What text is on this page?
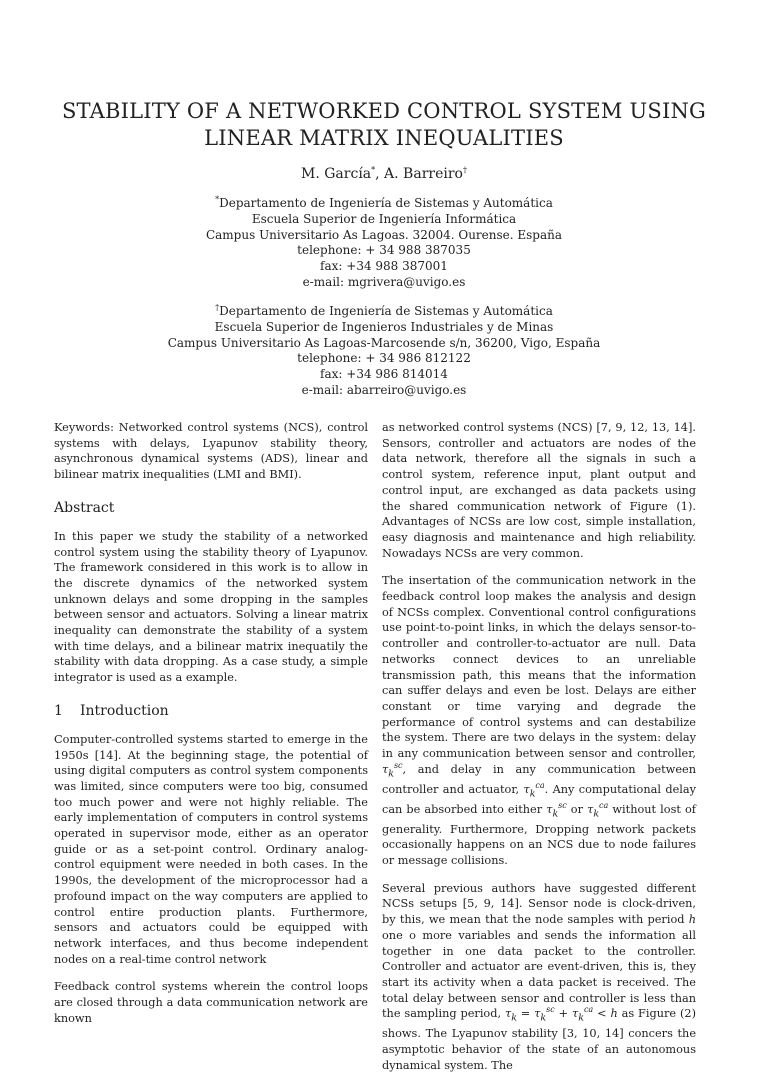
STABILITY OF A NETWORKED CONTROL SYSTEM USING
LINEAR MATRIX INEQUALITIES
M. García*, A. Barreiro†
*Departamento de Ingeniería de Sistemas y Automática
Escuela Superior de Ingeniería Informática
Campus Universitario As Lagoas. 32004. Ourense. España
telephone: + 34 988 387035
fax: +34 988 387001
e-mail: mgrivera@uvigo.es
†Departamento de Ingeniería de Sistemas y Automática
Escuela Superior de Ingenieros Industriales y de Minas
Campus Universitario As Lagoas-Marcosende s/n, 36200, Vigo, España
telephone: + 34 986 812122
fax: +34 986 814014
e-mail: abarreiro@uvigo.es

Keywords: Networked control systems (NCS), control systems with delays, Lyapunov stability theory, asynchronous dynamical systems (ADS), linear and bilinear matrix inequalities (LMI and BMI).

Abstract

In this paper we study the stability of a networked control system using the stability theory of Lyapunov. The framework considered in this work is to allow in the discrete dynamics of the networked system unknown delays and some dropping in the samples between sensor and actuators. Solving a linear matrix inequality can demonstrate the stability of a system with time delays, and a bilinear matrix inequatily the stability with data dropping. As a case study, a simple integrator is used as a example.

1 Introduction

Computer-controlled systems started to emerge in the 1950s [14]. At the beginning stage, the potential of using digital computers as control system components was limited, since computers were too big, consumed too much power and were not highly reliable. The early implementation of computers in control systems operated in supervisor mode, either as an operator guide or as a set-point control. Ordinary analog-control equipment were needed in both cases. In the 1990s, the development of the microprocessor had a profound impact on the way computers are applied to control entire production plants. Furthermore, sensors and actuators could be equipped with network interfaces, and thus become independent nodes on a real-time control network

Feedback control systems wherein the control loops are closed through a data communication network are known

as networked control systems (NCS) [7, 9, 12, 13, 14]. Sensors, controller and actuators are nodes of the data network, therefore all the signals in such a control system, reference input, plant output and control input, are exchanged as data packets using the shared communication network of Figure (1). Advantages of NCSs are low cost, simple installation, easy diagnosis and maintenance and high reliability. Nowadays NCSs are very common.

The insertation of the communication network in the feedback control loop makes the analysis and design of NCSs complex. Conventional control configurations use point-to-point links, in which the delays sensor-to-controller and controller-to-actuator are null. Data networks connect devices to an unreliable transmission path, this means that the information can suffer delays and even be lost. Delays are either constant or time varying and degrade the performance of control systems and can destabilize the system. There are two delays in the system: delay in any communication between sensor and controller, $\tau_k^{sc}$, and delay in any communication between controller and actuator, $\tau_k^{ca}$. Any computational delay can be absorbed into either $\tau_k^{sc}$ or $\tau_k^{ca}$ without lost of generality. Furthermore, Dropping network packets occasionally happens on an NCS due to node failures or message collisions.

Several previous authors have suggested different NCSs setups [5, 9, 14]. Sensor node is clock-driven, by this, we mean that the node samples with period h one o more variables and sends the information all together in one data packet to the controller. Controller and actuator are event-driven, this is, they start its activity when a data packet is received. The total delay between sensor and controller is less than the sampling period, $\tau_k = \tau_k^{sc} + \tau_k^{ca} < h$ as Figure (2) shows. The Lyapunov stability [3, 10, 14] concers the asymptotic behavior of the state of an autonomous dynamical system. The
